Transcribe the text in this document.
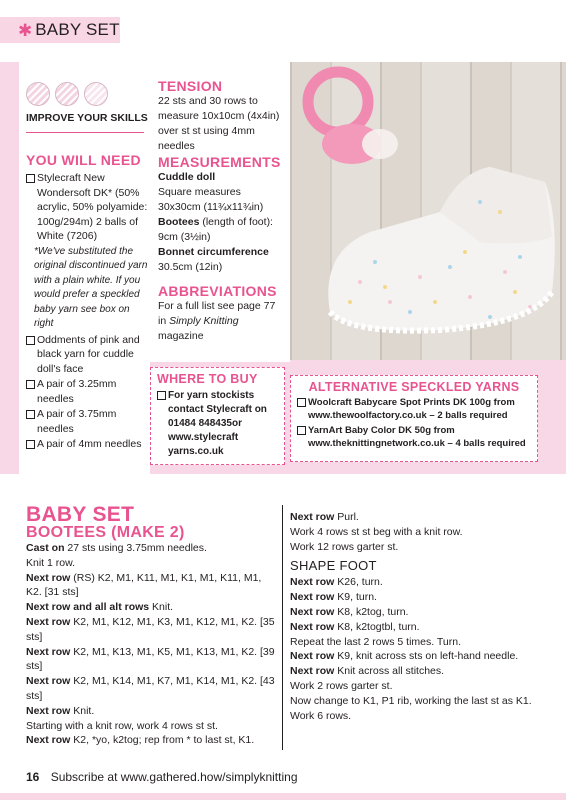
✱ BABY SET
IMPROVE YOUR SKILLS
YOU WILL NEED
Stylecraft New Wondersoft DK* (50% acrylic, 50% polyamide: 100g/294m) 2 balls of White (7206)
*We've substituted the original discontinued yarn with a plain white. If you would prefer a speckled baby yarn see box on right
Oddments of pink and black yarn for cuddle doll's face
A pair of 3.25mm needles
A pair of 3.75mm needles
A pair of 4mm needles
TENSION

22 sts and 30 rows to measure 10x10cm (4x4in) over st st using 4mm needles

MEASUREMENTS

Cuddle doll

Square measures 30x30cm (11¾x11¾in)

Bootees (length of foot): 9cm (3½in)

Bonnet circumference

30.5cm (12in)

ABBREVIATIONS

For a full list see page 77 in Simply Knitting magazine

WHERE TO BUY
For yarn stockists contact Stylecraft on 01484 848435or www.stylecraft yarns.co.uk
ALTERNATIVE SPECKLED YARNS
Woolcraft Babycare Spot Prints DK 100g from www.thewoolfactory.co.uk – 2 balls required
YarnArt Baby Color DK 50g from www.theknittingnetwork.co.uk – 4 balls required
BABY SET
BOOTEES (MAKE 2)

Cast on 27 sts using 3.75mm needles.

Knit 1 row.

Next row (RS) K2, M1, K11, M1, K1, M1, K11, M1, K2. [31 sts]

Next row and all alt rows Knit.

Next row K2, M1, K12, M1, K3, M1, K12, M1, K2. [35 sts]

Next row K2, M1, K13, M1, K5, M1, K13, M1, K2. [39 sts]

Next row K2, M1, K14, M1, K7, M1, K14, M1, K2. [43 sts]

Next row Knit.

Starting with a knit row, work 4 rows st st.

Next row K2, *yo, k2tog; rep from * to last st, K1.

Next row Purl.

Work 4 rows st st beg with a knit row.

Work 12 rows garter st.

SHAPE FOOT

Next row K26, turn.

Next row K9, turn.

Next row K8, k2tog, turn.

Next row K8, k2togtbl, turn.

Repeat the last 2 rows 5 times. Turn.

Next row K9, knit across sts on left-hand needle.

Next row Knit across all stitches.

Work 2 rows garter st.

Now change to K1, P1 rib, working the last st as K1.

Work 6 rows.

16 Subscribe at www.gathered.how/simplyknitting
